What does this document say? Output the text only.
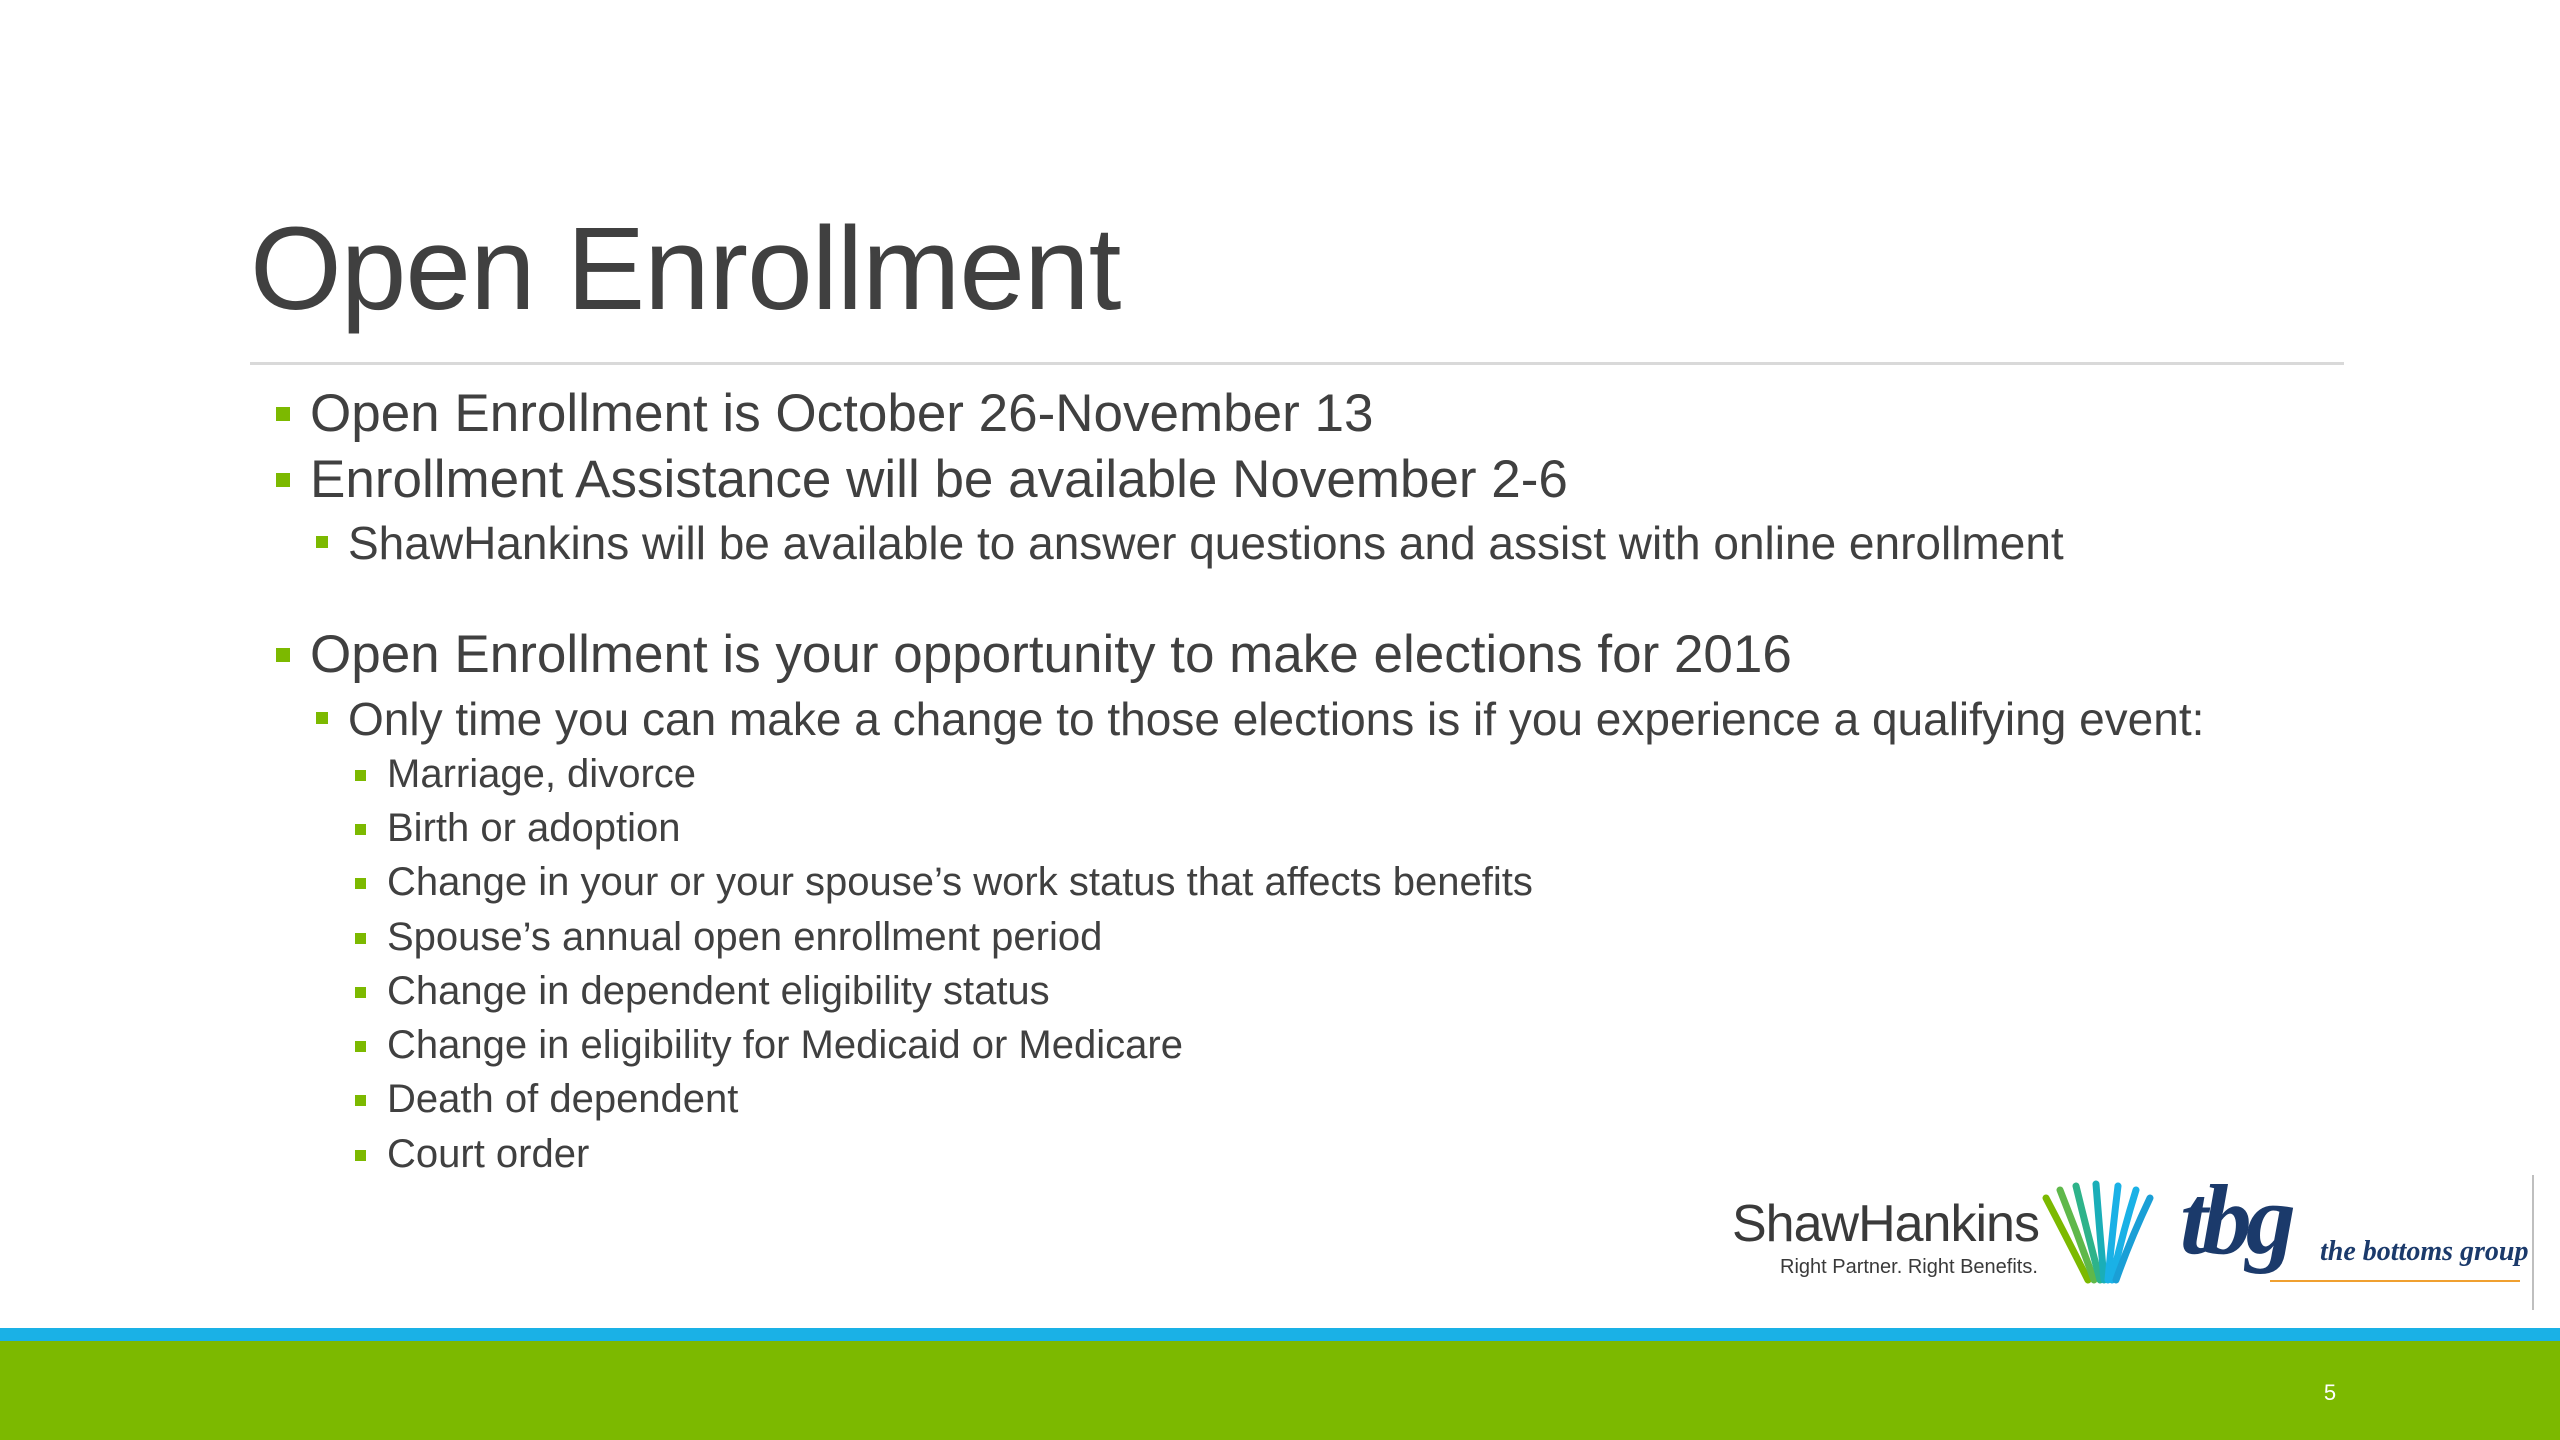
Open Enrollment
Open Enrollment is October 26-November 13
Enrollment Assistance will be available November 2-6
ShawHankins will be available to answer questions and assist with online enrollment
Open Enrollment is your opportunity to make elections for 2016
Only time you can make a change to those elections is if you experience a qualifying event:
Marriage, divorce
Birth or adoption
Change in your or your spouse’s work status that affects benefits
Spouse’s annual open enrollment period
Change in dependent eligibility status
Change in eligibility for Medicaid or Medicare
Death of dependent
Court order
ShawHankins
Right Partner. Right Benefits. tbg the bottoms group
5
